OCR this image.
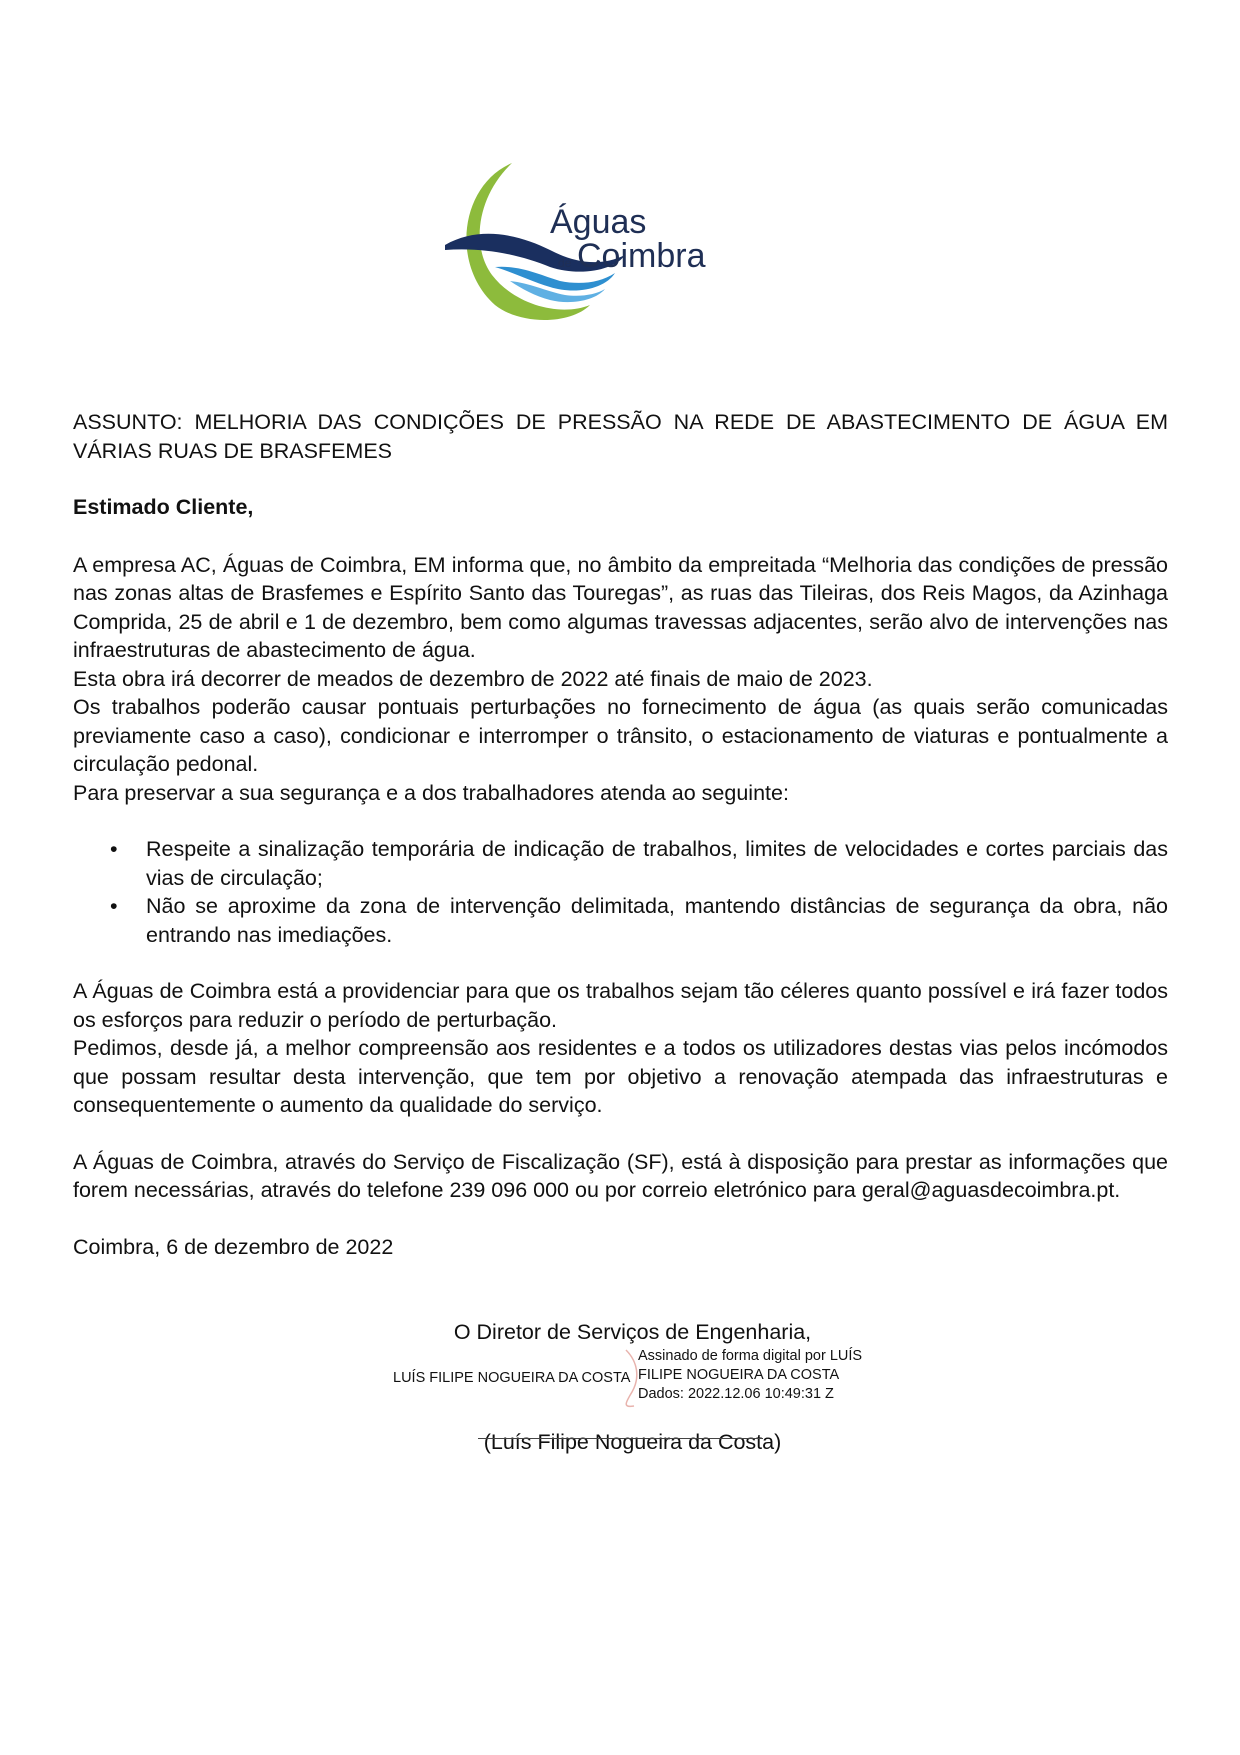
Águas
de Coimbra

ASSUNTO: MELHORIA DAS CONDIÇÕES DE PRESSÃO NA REDE DE ABASTECIMENTO DE ÁGUA EM VÁRIAS RUAS DE BRASFEMES

Estimado Cliente,

A empresa AC, Águas de Coimbra, EM informa que, no âmbito da empreitada “Melhoria das condições de pressão nas zonas altas de Brasfemes e Espírito Santo das Touregas”, as ruas das Tileiras, dos Reis Magos, da Azinhaga Comprida, 25 de abril e 1 de dezembro, bem como algumas travessas adjacentes, serão alvo de intervenções nas infraestruturas de abastecimento de água.

Esta obra irá decorrer de meados de dezembro de 2022 até finais de maio de 2023.

Os trabalhos poderão causar pontuais perturbações no fornecimento de água (as quais serão comunicadas previamente caso a caso), condicionar e interromper o trânsito, o estacionamento de viaturas e pontualmente a circulação pedonal.

Para preservar a sua segurança e a dos trabalhadores atenda ao seguinte:

• Respeite a sinalização temporária de indicação de trabalhos, limites de velocidades e cortes parciais das vias de circulação;
• Não se aproxime da zona de intervenção delimitada, mantendo distâncias de segurança da obra, não entrando nas imediações.

A Águas de Coimbra está a providenciar para que os trabalhos sejam tão céleres quanto possível e irá fazer todos os esforços para reduzir o período de perturbação.

Pedimos, desde já, a melhor compreensão aos residentes e a todos os utilizadores destas vias pelos incómodos que possam resultar desta intervenção, que tem por objetivo a renovação atempada das infraestruturas e consequentemente o aumento da qualidade do serviço.

A Águas de Coimbra, através do Serviço de Fiscalização (SF), está à disposição para prestar as informações que forem necessárias, através do telefone 239 096 000 ou por correio eletrónico para geral@aguasdecoimbra.pt.

Coimbra, 6 de dezembro de 2022

O Diretor de Serviços de Engenharia,

LUÍS FILIPE NOGUEIRA DA COSTA
Assinado de forma digital por LUÍS
FILIPE NOGUEIRA DA COSTA
Dados: 2022.12.06 10:49:31 Z

(Luís Filipe Nogueira da Costa)
